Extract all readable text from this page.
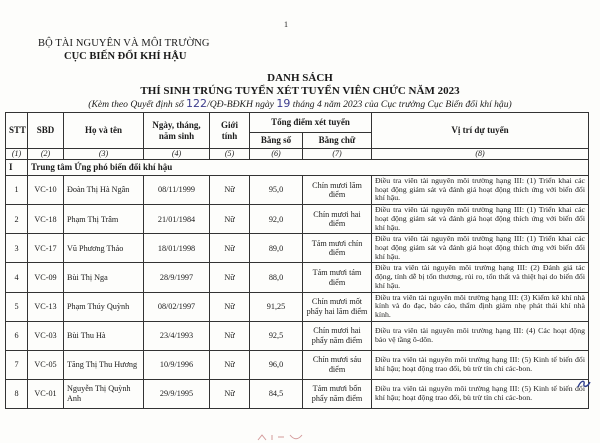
1
BỘ TÀI NGUYÊN VÀ MÔI TRƯỜNG
CỤC BIẾN ĐỔI KHÍ HẬU
DANH SÁCH
THÍ SINH TRÚNG TUYỂN XÉT TUYỂN VIÊN CHỨC NĂM 2023
(Kèm theo Quyết định số 122/QĐ-BĐKH ngày 19 tháng 4 năm 2023 của Cục trưởng Cục Biến đổi khí hậu)
STT	SBD	Họ và tên	Ngày, tháng, năm sinh	Giới tính	Tổng điểm xét tuyển		Vị trí dự tuyển
					Bằng số	Bằng chữ	
(1)	(2)	(3)	(4)	(5)	(6)	(7)	(8)
I	Trung tâm Ứng phó biến đổi khí hậu						
1	VC-10	Đoàn Thị Hà Ngân	08/11/1999	Nữ	95,0	Chín mươi lăm điểm	Điều tra viên tài nguyên môi trường hạng III: (1) Triển khai các hoạt động giám sát và đánh giá hoạt động thích ứng với biến đổi khí hậu.
2	VC-18	Phạm Thị Trâm	21/01/1984	Nữ	92,0	Chín mươi hai điểm	Điều tra viên tài nguyên môi trường hạng III: (1) Triển khai các hoạt động giám sát và đánh giá hoạt động thích ứng với biến đổi khí hậu.
3	VC-17	Vũ Phương Thảo	18/01/1998	Nữ	89,0	Tám mươi chín điểm	Điều tra viên tài nguyên môi trường hạng III: (1) Triển khai các hoạt động giám sát và đánh giá hoạt động thích ứng với biến đổi khí hậu.
4	VC-09	Bùi Thị Nga	28/9/1997	Nữ	88,0	Tám mươi tám điểm	Điều tra viên tài nguyên môi trường hạng III: (2) Đánh giá tác động, tính dễ bị tổn thương, rủi ro, tổn thất và thiệt hại do biến đổi khí hậu.
5	VC-13	Phạm Thúy Quỳnh	08/02/1997	Nữ	91,25	Chín mươi mốt phẩy hai lăm điểm	Điều tra viên tài nguyên môi trường hạng III: (3) Kiểm kê khí nhà kính và đo đạc, báo cáo, thẩm định giảm nhẹ phát thải khí nhà kính.
6	VC-03	Bùi Thu Hà	23/4/1993	Nữ	92,5	Chín mươi hai phẩy năm điểm	Điều tra viên tài nguyên môi trường hạng III: (4) Các hoạt động bảo vệ tầng ô-dôn.
7	VC-05	Tăng Thị Thu Hương	10/9/1996	Nữ	96,0	Chín mươi sáu điểm	Điều tra viên tài nguyên môi trường hạng III: (5) Kinh tế biến đổi khí hậu; hoạt động trao đổi, bù trừ tín chỉ các-bon.
8	VC-01	Nguyễn Thị Quỳnh Anh	29/9/1995	Nữ	84,5	Tám mươi bốn phẩy năm điểm	Điều tra viên tài nguyên môi trường hạng III: (5) Kinh tế biến đổi khí hậu; hoạt động trao đổi, bù trừ tín chỉ các-bon.
